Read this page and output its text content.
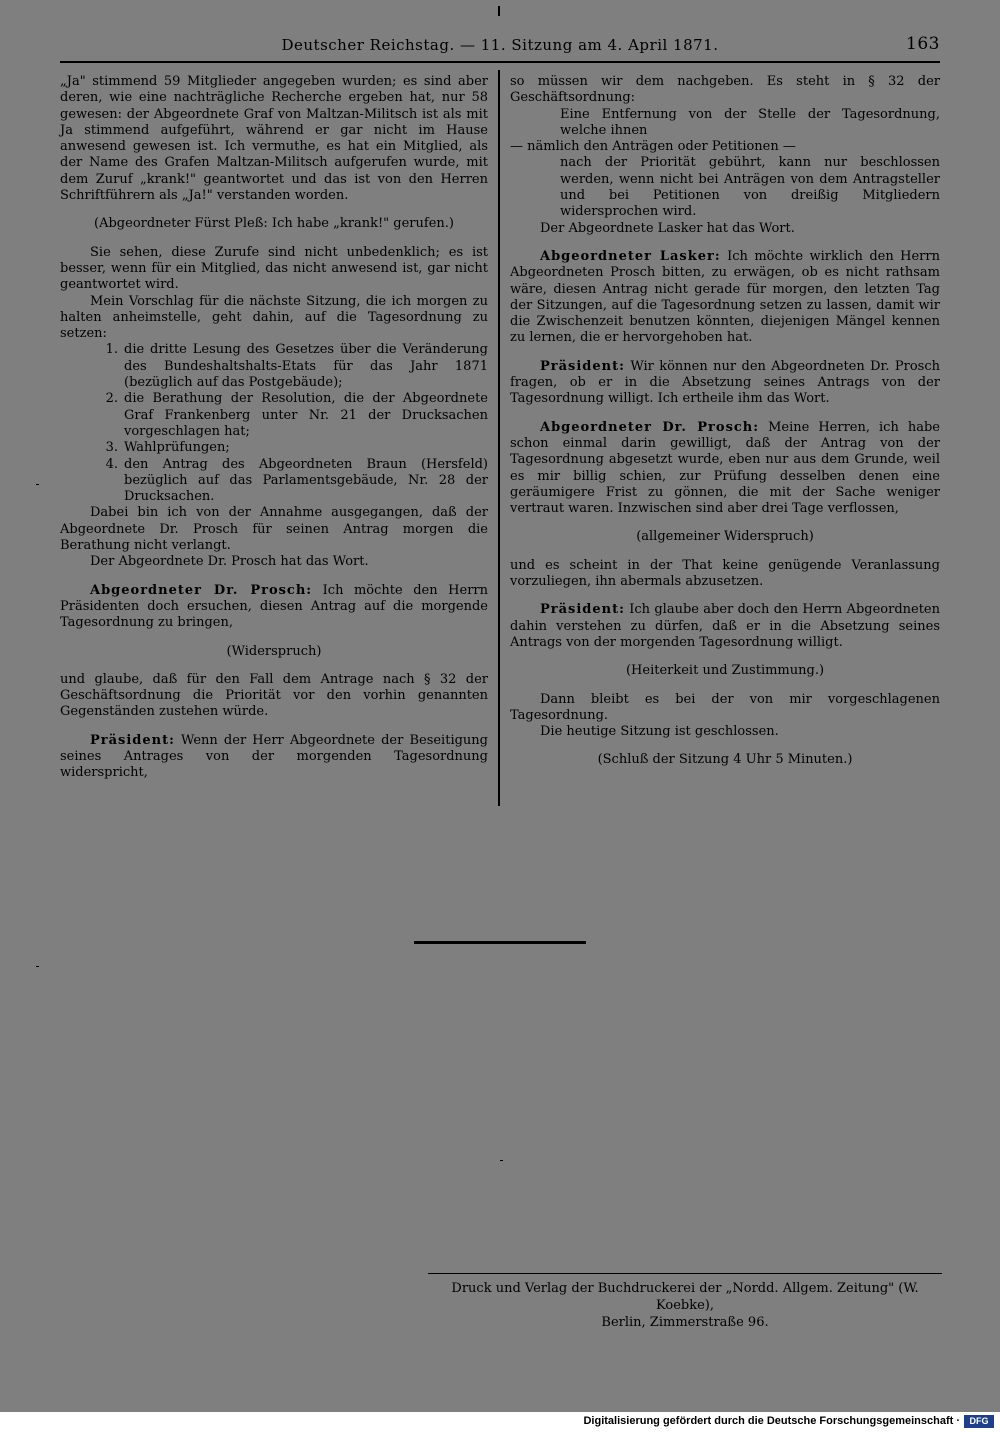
Deutscher Reichstag. — 11. Sitzung am 4. April 1871.	163

„Ja" stimmend 59 Mitglieder angegeben wurden; es sind aber deren, wie eine nachträgliche Recherche ergeben hat, nur 58 gewesen: der Abgeordnete Graf von Maltzan-Militsch ist als mit Ja stimmend aufgeführt, während er gar nicht im Hause anwesend gewesen ist. Ich vermuthe, es hat ein Mitglied, als der Name des Grafen Maltzan-Militsch aufgerufen wurde, mit dem Zuruf „krank!" geantwortet und das ist von den Herren Schriftführern als „Ja!" verstanden worden.

(Abgeordneter Fürst Pleß: Ich habe „krank!" gerufen.)

Sie sehen, diese Zurufe sind nicht unbedenklich; es ist besser, wenn für ein Mitglied, das nicht anwesend ist, gar nicht geantwortet wird.

Mein Vorschlag für die nächste Sitzung, die ich morgen zu halten anheimstelle, geht dahin, auf die Tagesordnung zu setzen:

1. die dritte Lesung des Gesetzes über die Veränderung des Bundeshaltshalts-Etats für das Jahr 1871 (bezüglich auf das Postgebäude);
2. die Berathung der Resolution, die der Abgeordnete Graf Frankenberg unter Nr. 21 der Drucksachen vorgeschlagen hat;
3. Wahlprüfungen;
4. den Antrag des Abgeordneten Braun (Hersfeld) bezüglich auf das Parlamentsgebäude, Nr. 28 der Drucksachen.

Dabei bin ich von der Annahme ausgegangen, daß der Abgeordnete Dr. Prosch für seinen Antrag morgen die Berathung nicht verlangt.

Der Abgeordnete Dr. Prosch hat das Wort.

Abgeordneter Dr. Prosch: Ich möchte den Herrn Präsidenten doch ersuchen, diesen Antrag auf die morgende Tagesordnung zu bringen,

(Widerspruch)

und glaube, daß für den Fall dem Antrage nach § 32 der Geschäftsordnung die Priorität vor den vorhin genannten Gegenständen zustehen würde.

Präsident: Wenn der Herr Abgeordnete der Beseitigung seines Antrages von der morgenden Tagesordnung widerspricht,

so müssen wir dem nachgeben. Es steht in § 32 der Geschäftsordnung:

Eine Entfernung von der Stelle der Tagesordnung, welche ihnen

— nämlich den Anträgen oder Petitionen —

nach der Priorität gebührt, kann nur beschlossen werden, wenn nicht bei Anträgen von dem Antragsteller und bei Petitionen von dreißig Mitgliedern widersprochen wird.

Der Abgeordnete Lasker hat das Wort.

Abgeordneter Lasker: Ich möchte wirklich den Herrn Abgeordneten Prosch bitten, zu erwägen, ob es nicht rathsam wäre, diesen Antrag nicht gerade für morgen, den letzten Tag der Sitzungen, auf die Tagesordnung setzen zu lassen, damit wir die Zwischenzeit benutzen könnten, diejenigen Mängel kennen zu lernen, die er hervorgehoben hat.

Präsident: Wir können nur den Abgeordneten Dr. Prosch fragen, ob er in die Absetzung seines Antrags von der Tagesordnung willigt. Ich ertheile ihm das Wort.

Abgeordneter Dr. Prosch: Meine Herren, ich habe schon einmal darin gewilligt, daß der Antrag von der Tagesordnung abgesetzt wurde, eben nur aus dem Grunde, weil es mir billig schien, zur Prüfung desselben denen eine geräumigere Frist zu gönnen, die mit der Sache weniger vertraut waren. Inzwischen sind aber drei Tage verflossen,

(allgemeiner Widerspruch)

und es scheint in der That keine genügende Veranlassung vorzuliegen, ihn abermals abzusetzen.

Präsident: Ich glaube aber doch den Herrn Abgeordneten dahin verstehen zu dürfen, daß er in die Absetzung seines Antrags von der morgenden Tagesordnung willigt.

(Heiterkeit und Zustimmung.)

Dann bleibt es bei der von mir vorgeschlagenen Tagesordnung.

Die heutige Sitzung ist geschlossen.

(Schluß der Sitzung 4 Uhr 5 Minuten.)

Druck und Verlag der Buchdruckerei der „Nordd. Allgem. Zeitung" (W. Koebke),
Berlin, Zimmerstraße 96.
Digitalisierung gefördert durch die Deutsche Forschungsgemeinschaft ·	DFG
